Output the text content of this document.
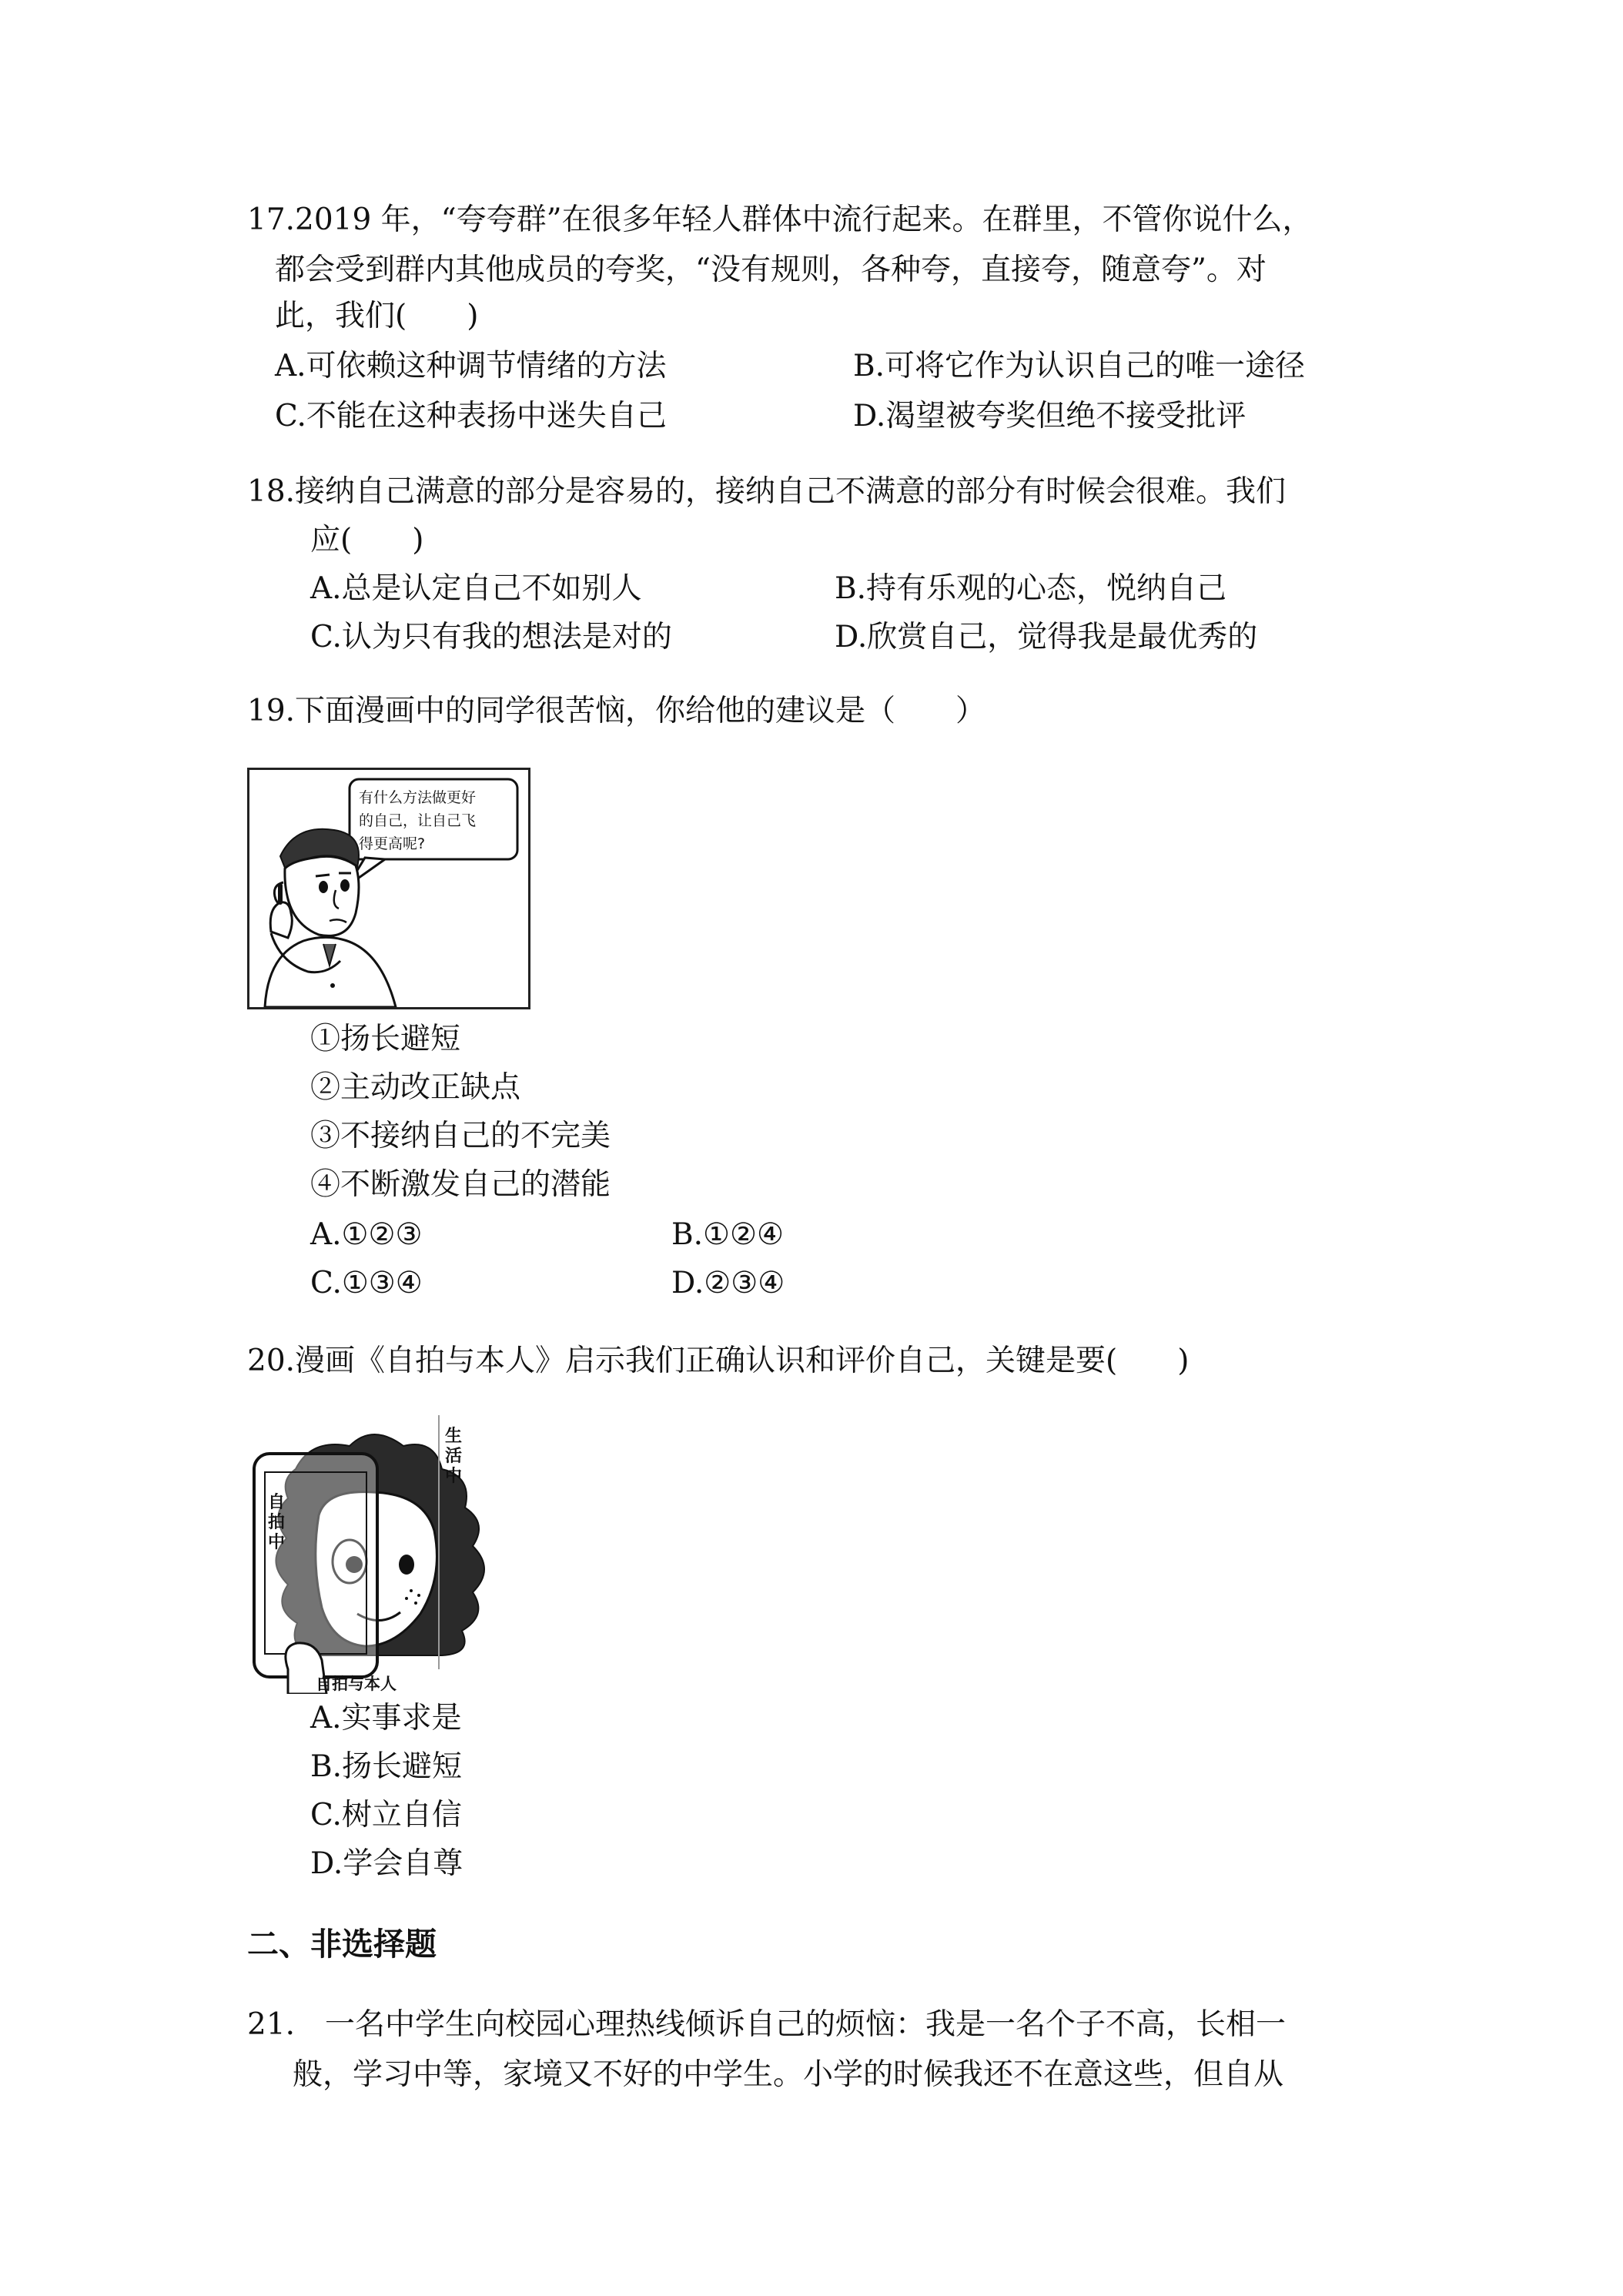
17.2019 年，“夸夸群”在很多年轻人群体中流行起来。在群里，不管你说什么，
都会受到群内其他成员的夸奖，“没有规则，各种夸，直接夸，随意夸”。对
此，我们(　　)
A.可依赖这种调节情绪的方法	B.可将它作为认识自己的唯一途径
C.不能在这种表扬中迷失自己	D.渴望被夸奖但绝不接受批评
18.接纳自己满意的部分是容易的，接纳自己不满意的部分有时候会很难。我们
应(　　)
A.总是认定自己不如别人	B.持有乐观的心态，悦纳自己
C.认为只有我的想法是对的	D.欣赏自己，觉得我是最优秀的
19.下面漫画中的同学很苦恼，你给他的建议是（　　）
有什么方法做更好
的自己，让自己飞
得更高呢?
①扬长避短
②主动改正缺点
③不接纳自己的不完美
④不断激发自己的潜能
A.①②③	B.①②④
C.①③④	D.②③④
20.漫画《自拍与本人》启示我们正确认识和评价自己，关键是要(　　)
自
拍
中
生
活
中
自拍与本人
A.实事求是
B.扬长避短
C.树立自信
D.学会自尊
二、非选择题
21.　一名中学生向校园心理热线倾诉自己的烦恼：我是一名个子不高，长相一
般，学习中等，家境又不好的中学生。小学的时候我还不在意这些，但自从
